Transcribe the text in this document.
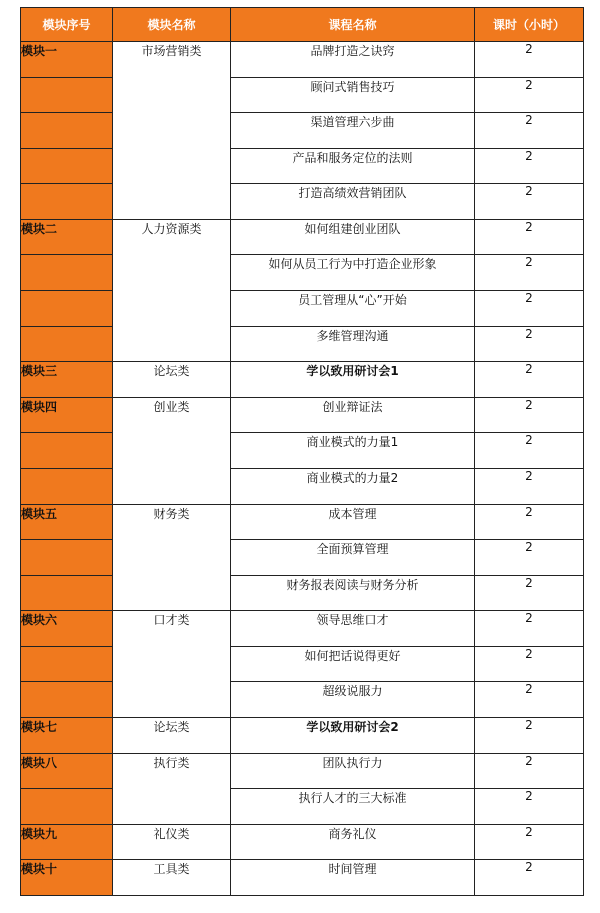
模块序号	模块名称	课程名称	课时（小时）
模块一	市场营销类	品牌打造之诀窍	2
		顾问式销售技巧	2
		渠道管理六步曲	2
		产品和服务定位的法则	2
		打造高绩效营销团队	2
模块二	人力资源类	如何组建创业团队	2
		如何从员工行为中打造企业形象	2
		员工管理从“心”开始	2
		多维管理沟通	2
模块三	论坛类	学以致用研讨会1	2
模块四	创业类	创业辩证法	2
		商业模式的力量1	2
		商业模式的力量2	2
模块五	财务类	成本管理	2
		全面预算管理	2
		财务报表阅读与财务分析	2
模块六	口才类	领导思维口才	2
		如何把话说得更好	2
		超级说服力	2
模块七	论坛类	学以致用研讨会2	2
模块八	执行类	团队执行力	2
		执行人才的三大标准	2
模块九	礼仪类	商务礼仪	2
模块十	工具类	时间管理	2
